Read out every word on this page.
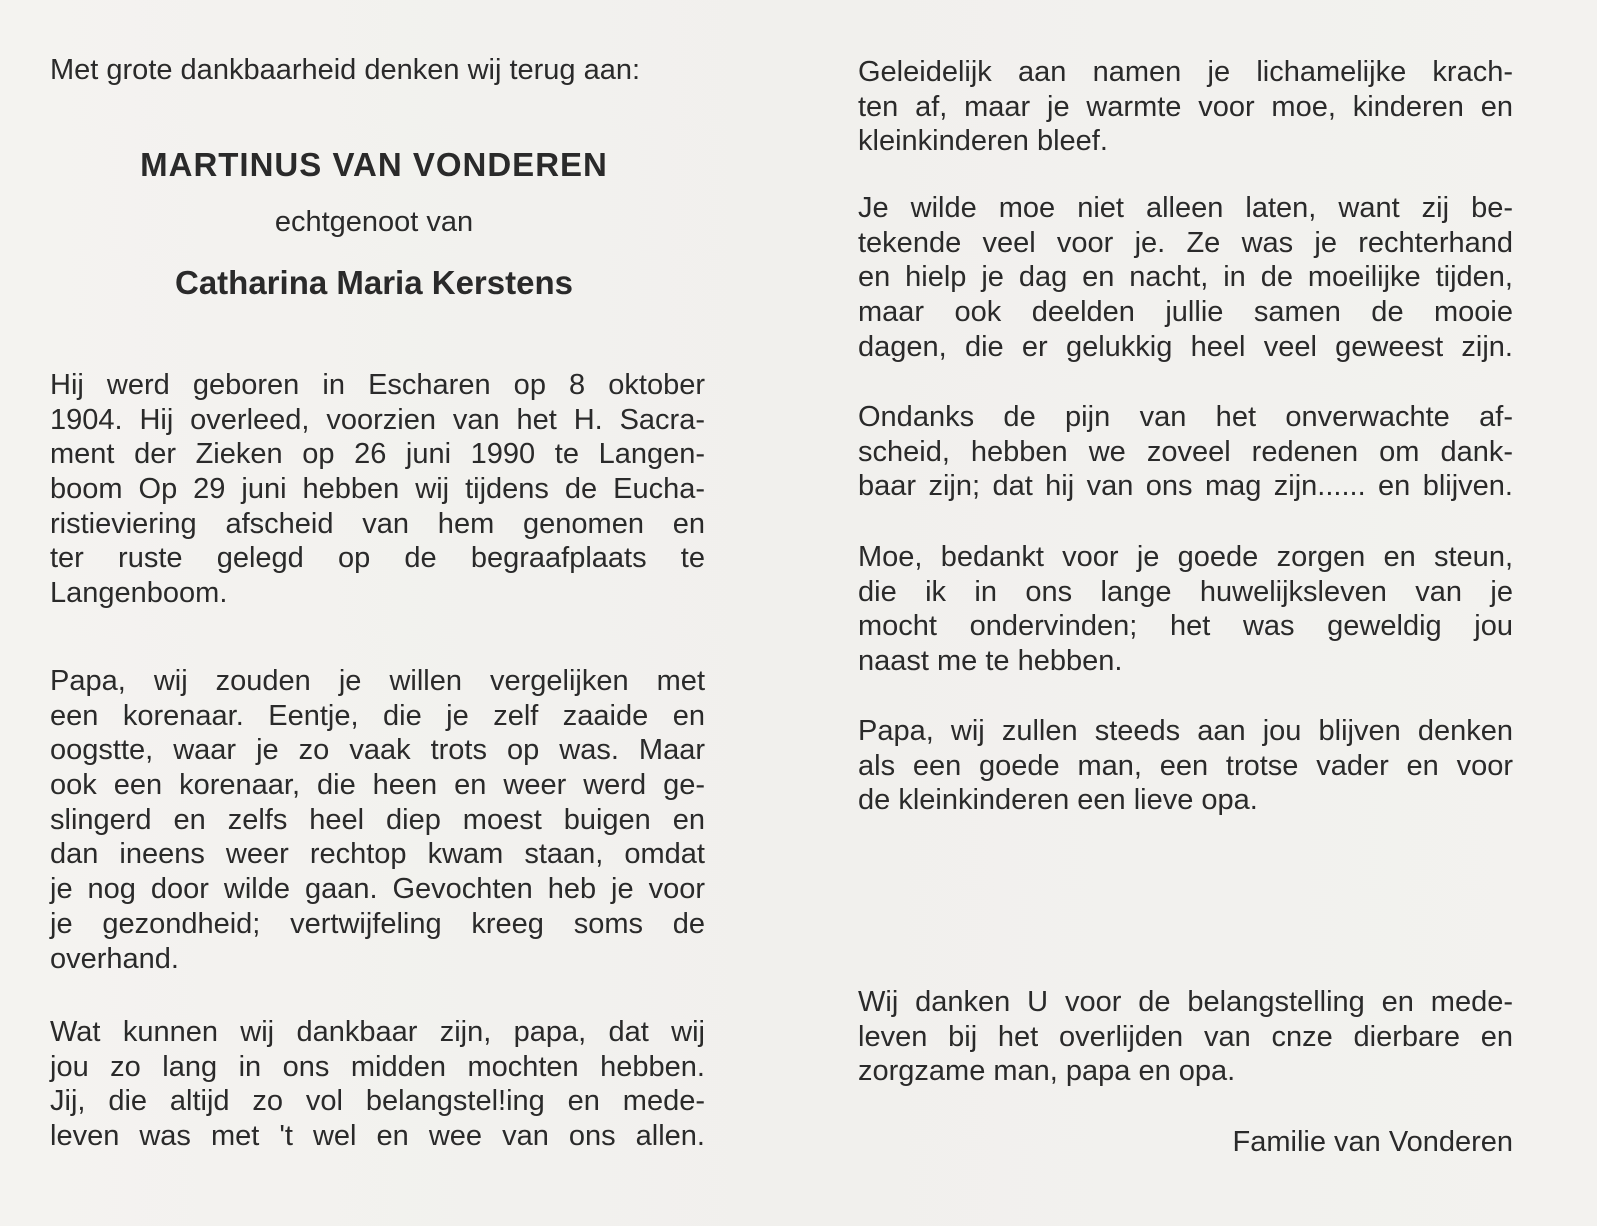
Met grote dankbaarheid denken wij terug aan:
MARTINUS VAN VONDEREN
echtgenoot van
Catharina Maria Kerstens
Hij werd geboren in Escharen op 8 oktober
1904. Hij overleed, voorzien van het H. Sacra-
ment der Zieken op 26 juni 1990 te Langen-
boom Op 29 juni hebben wij tijdens de Eucha-
ristieviering afscheid van hem genomen en
ter ruste gelegd op de begraafplaats te
Langenboom.
Papa, wij zouden je willen vergelijken met
een korenaar. Eentje, die je zelf zaaide en
oogstte, waar je zo vaak trots op was. Maar
ook een korenaar, die heen en weer werd ge-
slingerd en zelfs heel diep moest buigen en
dan ineens weer rechtop kwam staan, omdat
je nog door wilde gaan. Gevochten heb je voor
je gezondheid; vertwijfeling kreeg soms de
overhand.
Wat kunnen wij dankbaar zijn, papa, dat wij
jou zo lang in ons midden mochten hebben.
Jij, die altijd zo vol belangstel!ing en mede-
leven was met 't wel en wee van ons allen.
Geleidelijk aan namen je lichamelijke krach-
ten af, maar je warmte voor moe, kinderen en
kleinkinderen bleef.
Je wilde moe niet alleen laten, want zij be-
tekende veel voor je. Ze was je rechterhand
en hielp je dag en nacht, in de moeilijke tijden,
maar ook deelden jullie samen de mooie
dagen, die er gelukkig heel veel geweest zijn.
Ondanks de pijn van het onverwachte af-
scheid, hebben we zoveel redenen om dank-
baar zijn; dat hij van ons mag zijn...... en blijven.
Moe, bedankt voor je goede zorgen en steun,
die ik in ons lange huwelijksleven van je
mocht ondervinden; het was geweldig jou
naast me te hebben.
Papa, wij zullen steeds aan jou blijven denken
als een goede man, een trotse vader en voor
de kleinkinderen een lieve opa.
Wij danken U voor de belangstelling en mede-
leven bij het overlijden van cnze dierbare en
zorgzame man, papa en opa.
Familie van Vonderen
